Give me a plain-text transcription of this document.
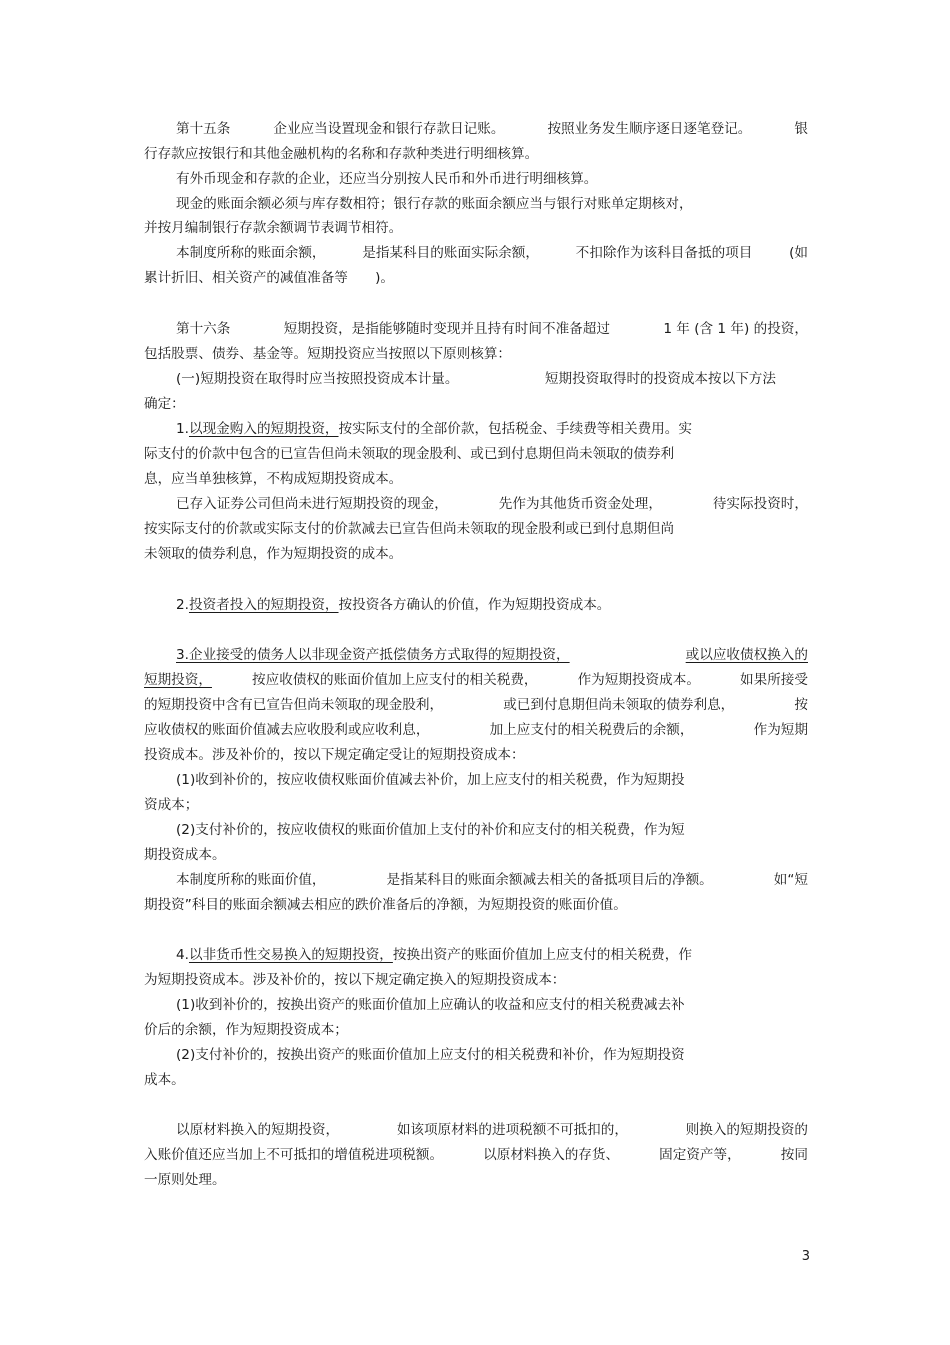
第十五条	企业应当设置现金和银行存款日记账。	按照业务发生顺序逐日逐笔登记。	银
行存款应按银行和其他金融机构的名称和存款种类进行明细核算。
有外币现金和存款的企业，还应当分别按人民币和外币进行明细核算。
现金的账面余额必须与库存数相符；银行存款的账面余额应当与银行对账单定期核对，
并按月编制银行存款余额调节表调节相符。
本制度所称的账面余额，	是指某科目的账面实际余额，	不扣除作为该科目备抵的项目	(如
累计折旧、相关资产的减值准备等　　)。
第十六条	短期投资，是指能够随时变现并且持有时间不准备超过	1 年 (含 1 年) 的投资，
包括股票、债券、基金等。短期投资应当按照以下原则核算：
(一)短期投资在取得时应当按照投资成本计量。	短期投资取得时的投资成本按以下方法
确定：
1.以现金购入的短期投资，按实际支付的全部价款，包括税金、手续费等相关费用。实
际支付的价款中包含的已宣告但尚未领取的现金股利、或已到付息期但尚未领取的债券利
息，应当单独核算，不构成短期投资成本。
已存入证券公司但尚未进行短期投资的现金，	先作为其他货币资金处理，	待实际投资时，
按实际支付的价款或实际支付的价款减去已宣告但尚未领取的现金股利或已到付息期但尚
未领取的债券利息，作为短期投资的成本。
2.投资者投入的短期投资，按投资各方确认的价值，作为短期投资成本。
3.企业接受的债务人以非现金资产抵偿债务方式取得的短期投资，	或以应收债权换入的
短期投资，	按应收债权的账面价值加上应支付的相关税费，	作为短期投资成本。	如果所接受
的短期投资中含有已宣告但尚未领取的现金股利，	或已到付息期但尚未领取的债券利息，	按
应收债权的账面价值减去应收股利或应收利息，	加上应支付的相关税费后的余额，	作为短期
投资成本。涉及补价的，按以下规定确定受让的短期投资成本：
(1)收到补价的，按应收债权账面价值减去补价，加上应支付的相关税费，作为短期投
资成本；
(2)支付补价的，按应收债权的账面价值加上支付的补价和应支付的相关税费，作为短
期投资成本。
本制度所称的账面价值，	是指某科目的账面余额减去相关的备抵项目后的净额。	如“短
期投资”科目的账面余额减去相应的跌价准备后的净额，为短期投资的账面价值。
4.以非货币性交易换入的短期投资，按换出资产的账面价值加上应支付的相关税费，作
为短期投资成本。涉及补价的，按以下规定确定换入的短期投资成本：
(1)收到补价的，按换出资产的账面价值加上应确认的收益和应支付的相关税费减去补
价后的余额，作为短期投资成本；
(2)支付补价的，按换出资产的账面价值加上应支付的相关税费和补价，作为短期投资
成本。
以原材料换入的短期投资，	如该项原材料的进项税额不可抵扣的，	则换入的短期投资的
入账价值还应当加上不可抵扣的增值税进项税额。	以原材料换入的存货、	固定资产等，	按同
一原则处理。
3
